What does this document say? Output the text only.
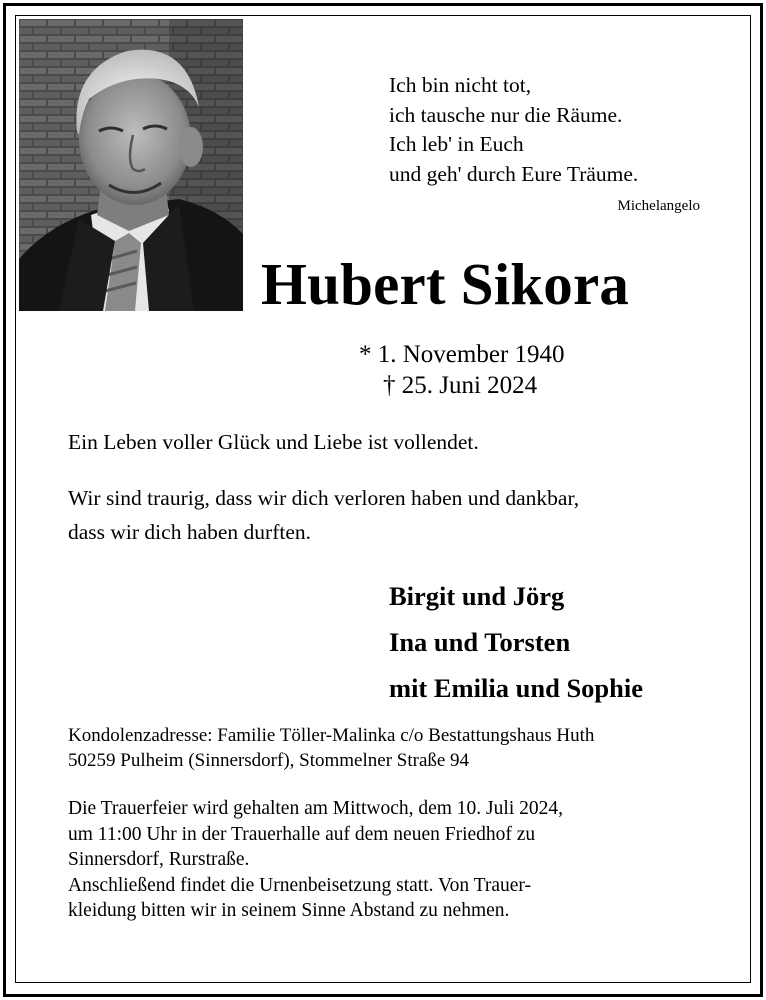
Ich bin nicht tot,
ich tausche nur die Räume.
Ich leb' in Euch
und geh' durch Eure Träume.
Michelangelo
Hubert Sikora
* 1. November 1940
† 25. Juni 2024
Ein Leben voller Glück und Liebe ist vollendet.
Wir sind traurig, dass wir dich verloren haben und dankbar,
dass wir dich haben durften.
Birgit und Jörg
Ina und Torsten
mit Emilia und Sophie
Kondolenzadresse: Familie Töller-Malinka c/o Bestattungshaus Huth
50259 Pulheim (Sinnersdorf), Stommelner Straße 94
Die Trauerfeier wird gehalten am Mittwoch, dem 10. Juli 2024,
um 11:00 Uhr in der Trauerhalle auf dem neuen Friedhof zu
Sinnersdorf, Rurstraße.
Anschließend findet die Urnenbeisetzung statt. Von Trauer-
kleidung bitten wir in seinem Sinne Abstand zu nehmen.
